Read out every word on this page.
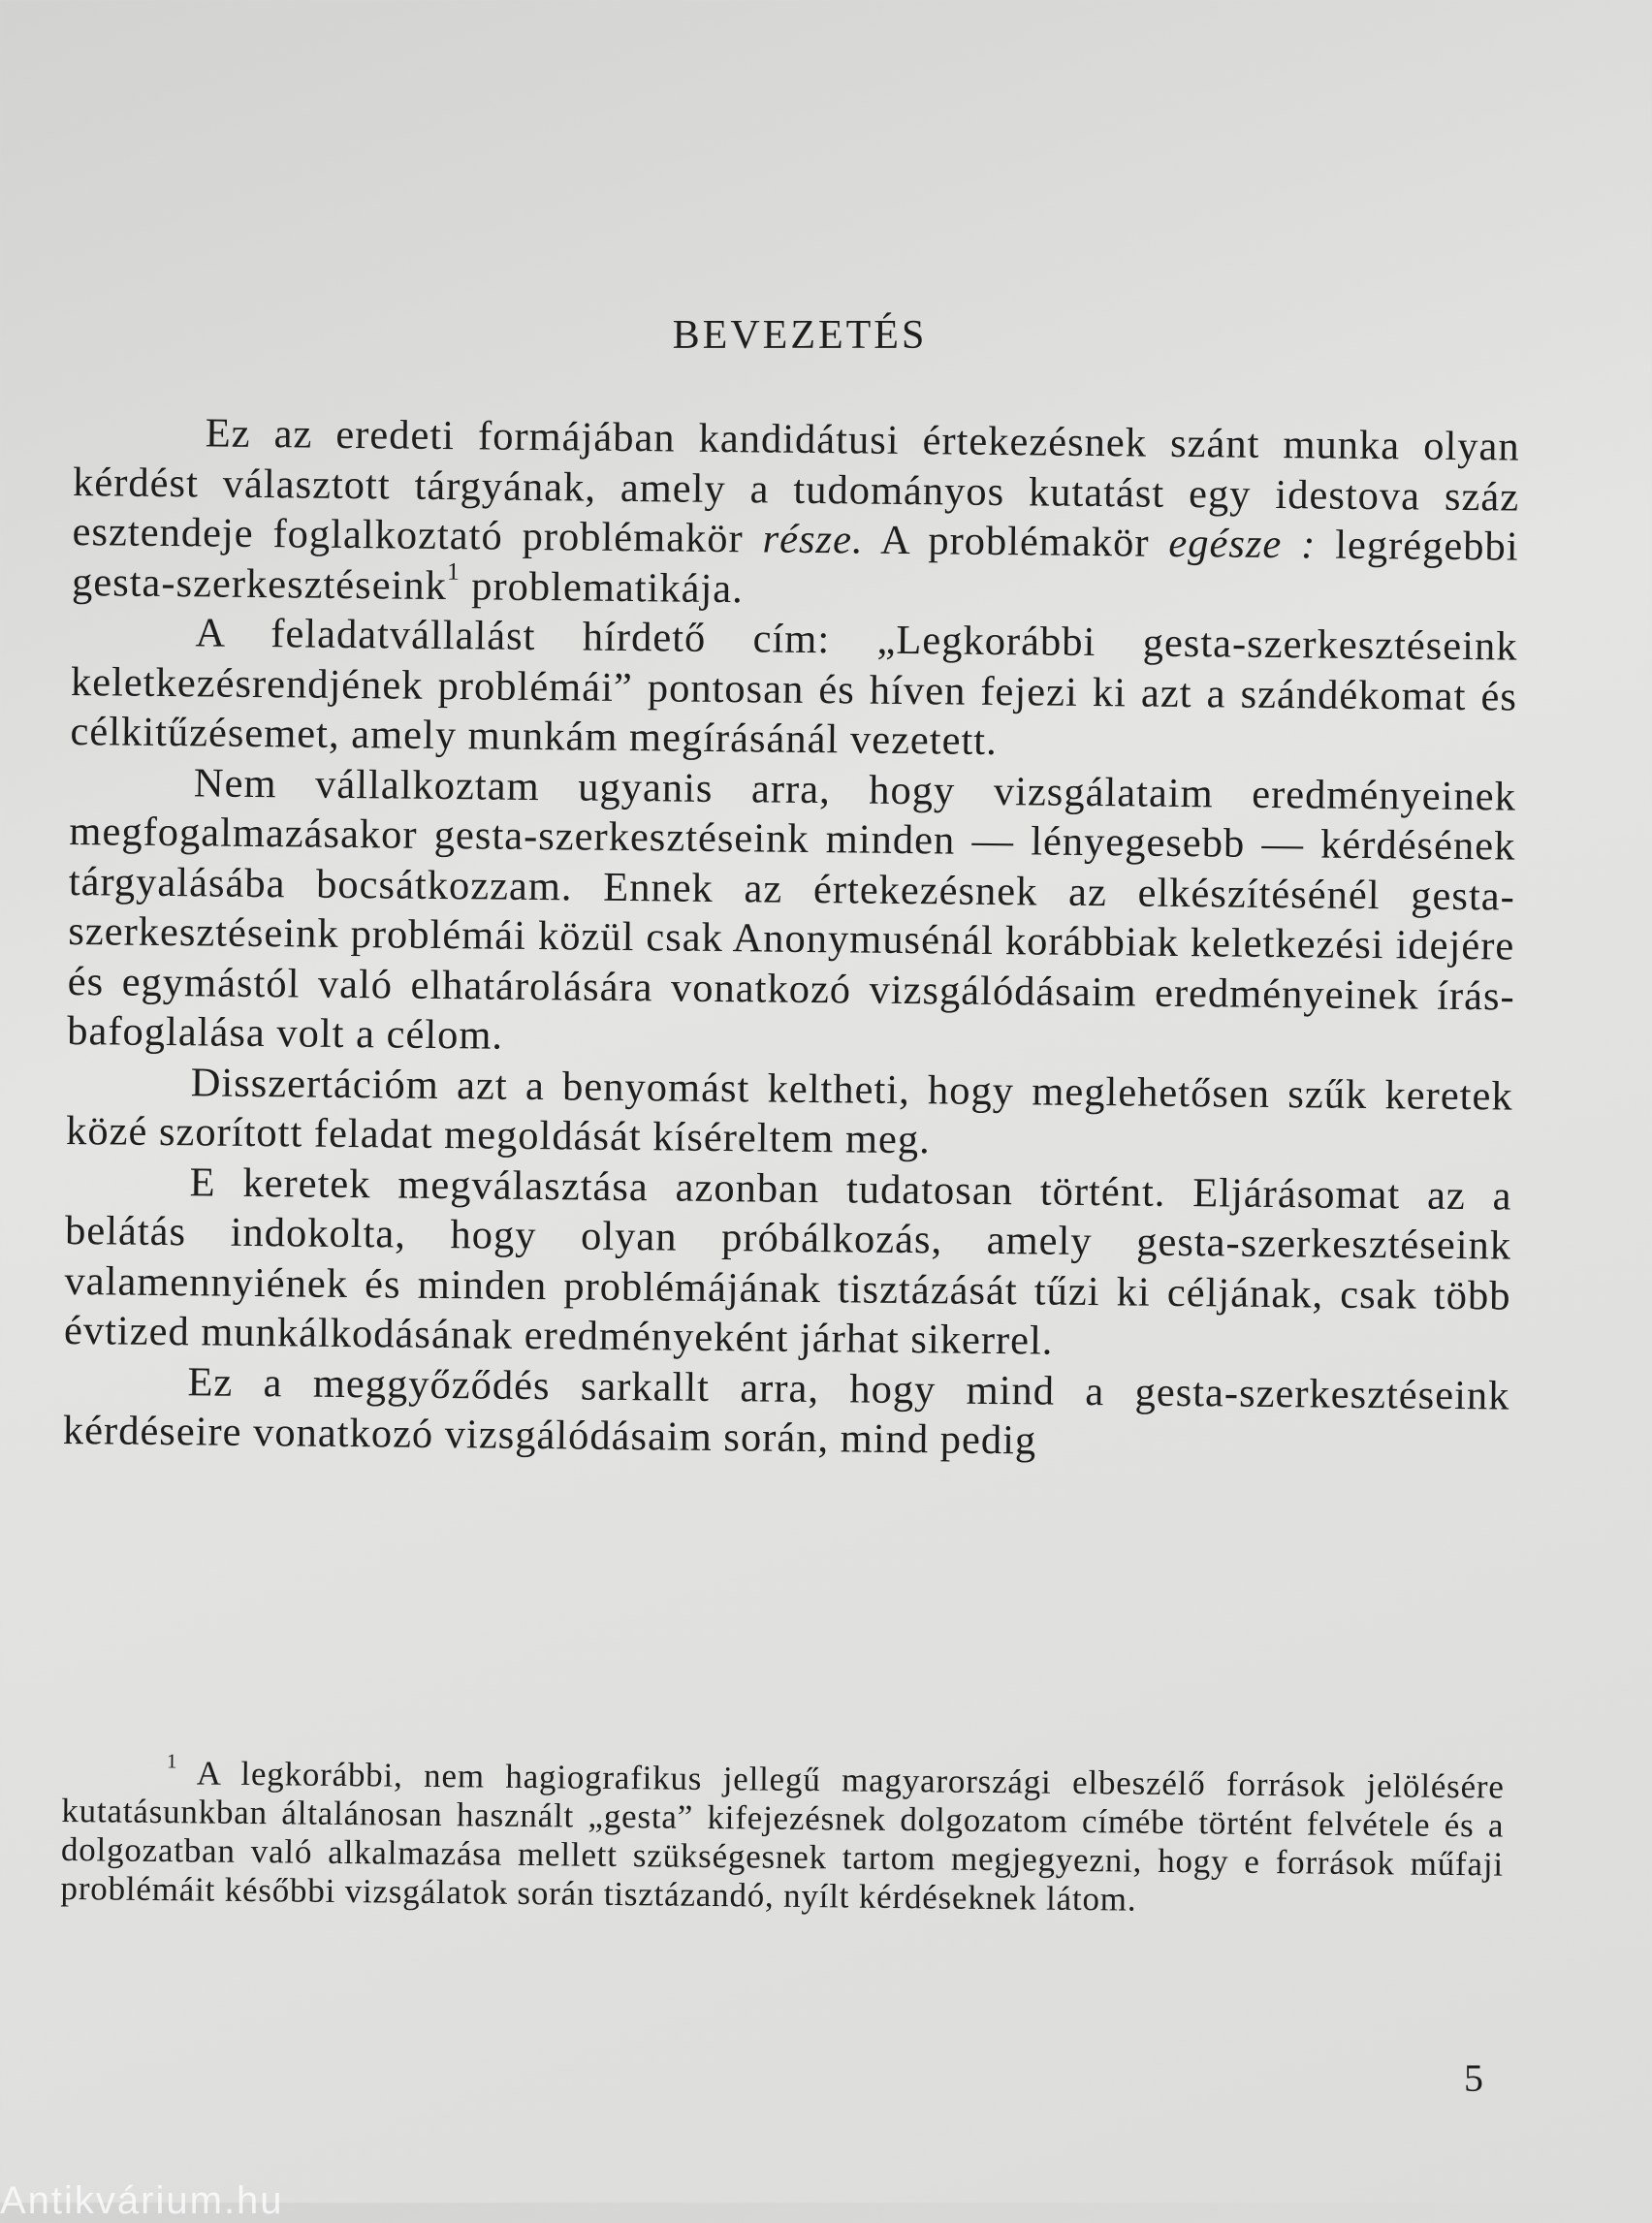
BEVEZETÉS

Ez az eredeti formájában kandidátusi értekezésnek szánt munka olyan kérdést választott tárgyának, amely a tudományos kutatást egy idestova száz esztendeje foglalkoztató problémakör része. A problémakör egésze : legrégebbi gesta-szerkesztéseink$^1$ problematikája.

A feladatvállalást hírdető cím: „Legkorábbi gesta-szerkesztéseink keletkezésrendjének problémái” pontosan és híven fejezi ki azt a szándékomat és célkitűzésemet, amely munkám megírásánál vezetett.

Nem vállalkoztam ugyanis arra, hogy vizsgálataim eredményeinek megfogalmazásakor gesta-szerkesztéseink minden — lényegesebb — kérdésének tárgyalásába bocsátkozzam. Ennek az értekezésnek az elkészítésénél gesta-szerkesztéseink problémái közül csak Anonymusénál korábbiak keletkezési idejére és egymástól való elhatárolására vonatkozó vizsgálódásaim eredményeinek írásbafoglalása volt a célom.

Disszertációm azt a benyomást keltheti, hogy meglehetősen szűk keretek közé szorított feladat megoldását kíséreltem meg.

E keretek megválasztása azonban tudatosan történt. Eljárásomat az a belátás indokolta, hogy olyan próbálkozás, amely gesta-szerkesztéseink valamennyiének és minden problémájának tisztázását tűzi ki céljának, csak több évtized munkálkodásának eredményeként járhat sikerrel.

Ez a meggyőződés sarkallt arra, hogy mind a gesta-szerkesztéseink kérdéseire vonatkozó vizsgálódásaim során, mind pedig

$^1$ A legkorábbi, nem hagiografikus jellegű magyarországi elbeszélő források jelölésére kutatásunkban általánosan használt „gesta” kifejezésnek dolgozatom címébe történt felvétele és a dolgozatban való alkalmazása mellett szükségesnek tartom megjegyezni, hogy e források műfaji problémáit későbbi vizsgálatok során tisztázandó, nyílt kérdéseknek látom.

5
Antikvárium.hu
